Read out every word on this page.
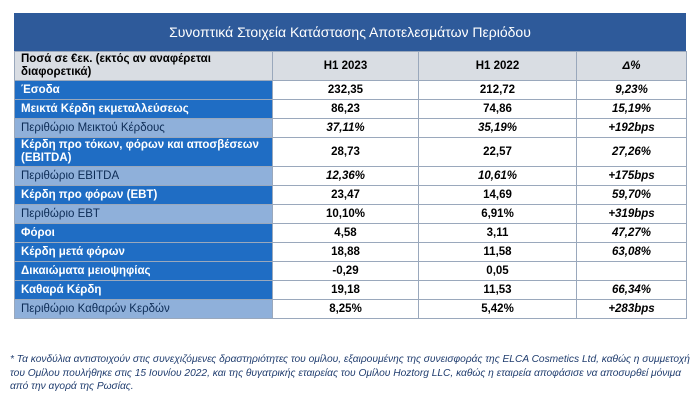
Συνοπτικά Στοιχεία Κατάστασης Αποτελεσμάτων Περιόδου
Ποσά σε €εκ. (εκτός αν αναφέρεται διαφορετικά)	H1 2023	H1 2022	Δ%
Έσοδα	232,35	212,72	9,23%
Μεικτά Κέρδη εκμεταλλεύσεως	86,23	74,86	15,19%
Περιθώριο Μεικτού Κέρδους	37,11%	35,19%	+192bps
Κέρδη προ τόκων, φόρων και αποσβέσεων (EBITDA)	28,73	22,57	27,26%
Περιθώριο EBITDA	12,36%	10,61%	+175bps
Κέρδη προ φόρων (EBT)	23,47	14,69	59,70%
Περιθώριο EBT	10,10%	6,91%	+319bps
Φόροι	4,58	3,11	47,27%
Κέρδη μετά φόρων	18,88	11,58	63,08%
Δικαιώματα μειοψηφίας	-0,29	0,05	
Καθαρά Κέρδη	19,18	11,53	66,34%
Περιθώριο Καθαρών Κερδών	8,25%	5,42%	+283bps
* Τα κονδύλια αντιστοιχούν στις συνεχιζόμενες δραστηριότητες του ομίλου, εξαιρουμένης της συνεισφοράς της ELCA Cosmetics Ltd, καθώς η συμμετοχή του Ομίλου πουλήθηκε στις 15 Ιουνίου 2022, και της θυγατρικής εταιρείας του Ομίλου Hoztorg LLC, καθώς η εταιρεία αποφάσισε να αποσυρθεί μόνιμα από την αγορά της Ρωσίας.
